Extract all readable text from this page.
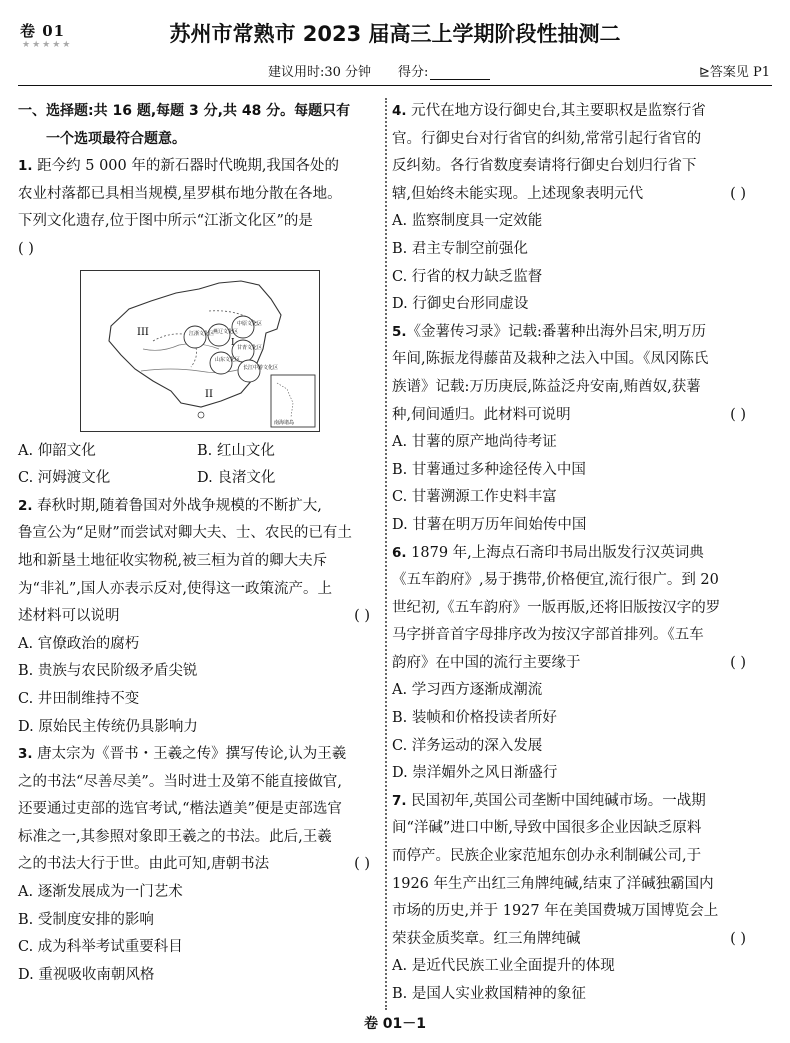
卷 01
★★★★★	苏州市常熟市 2023 届高三上学期阶段性抽测二
建议用时:30 分钟 得分:	⊵答案见 P1

一、选择题:共 16 题,每题 3 分,共 48 分。每题只有

一个选项最符合题意。

1. 距今约 5 000 年的新石器时代晚期,我国各处的

农业村落都已具相当规模,星罗棋布地分散在各地。

下列文化遗存,位于图中所示“江浙文化区”的是

( )

江浙文化区
燕辽文化区
中原文化区
甘青文化区
山东文化区
长江中游文化区
III
I
II
南海诸岛
A. 仰韶文化	B. 红山文化
C. 河姆渡文化	D. 良渚文化

2. 春秋时期,随着鲁国对外战争规模的不断扩大,

鲁宣公为“足财”而尝试对卿大夫、士、农民的已有土

地和新垦土地征收实物税,被三桓为首的卿大夫斥

为“非礼”,国人亦表示反对,使得这一政策流产。上

述材料可以说明	( )

A. 官僚政治的腐朽

B. 贵族与农民阶级矛盾尖锐

C. 井田制维持不变

D. 原始民主传统仍具影响力

3. 唐太宗为《晋书・王羲之传》撰写传论,认为王羲

之的书法“尽善尽美”。当时进士及第不能直接做官,

还要通过吏部的选官考试,“楷法遒美”便是吏部选官

标准之一,其参照对象即王羲之的书法。此后,王羲

之的书法大行于世。由此可知,唐朝书法	( )

A. 逐渐发展成为一门艺术

B. 受制度安排的影响

C. 成为科举考试重要科目

D. 重视吸收南朝风格

4. 元代在地方设行御史台,其主要职权是监察行省

官。行御史台对行省官的纠劾,常常引起行省官的

反纠劾。各行省数度奏请将行御史台划归行省下

辖,但始终未能实现。上述现象表明元代	( )

A. 监察制度具一定效能

B. 君主专制空前强化

C. 行省的权力缺乏监督

D. 行御史台形同虚设

5.《金薯传习录》记载:番薯种出海外吕宋,明万历

年间,陈振龙得藤苗及栽种之法入中国。《凤冈陈氏

族谱》记载:万历庚辰,陈益泛舟安南,贿酋奴,获薯

种,伺间遁归。此材料可说明	( )

A. 甘薯的原产地尚待考证

B. 甘薯通过多种途径传入中国

C. 甘薯溯源工作史料丰富

D. 甘薯在明万历年间始传中国

6. 1879 年,上海点石斋印书局出版发行汉英词典

《五车韵府》,易于携带,价格便宜,流行很广。到 20

世纪初,《五车韵府》一版再版,还将旧版按汉字的罗

马字拼音首字母排序改为按汉字部首排列。《五车

韵府》在中国的流行主要缘于	( )

A. 学习西方逐渐成潮流

B. 装帧和价格投读者所好

C. 洋务运动的深入发展

D. 崇洋媚外之风日渐盛行

7. 民国初年,英国公司垄断中国纯碱市场。一战期

间“洋碱”进口中断,导致中国很多企业因缺乏原料

而停产。民族企业家范旭东创办永利制碱公司,于

1926 年生产出红三角牌纯碱,结束了洋碱独霸国内

市场的历史,并于 1927 年在美国费城万国博览会上

荣获金质奖章。红三角牌纯碱	( )

A. 是近代民族工业全面提升的体现

B. 是国人实业救国精神的象征

卷 01－1
